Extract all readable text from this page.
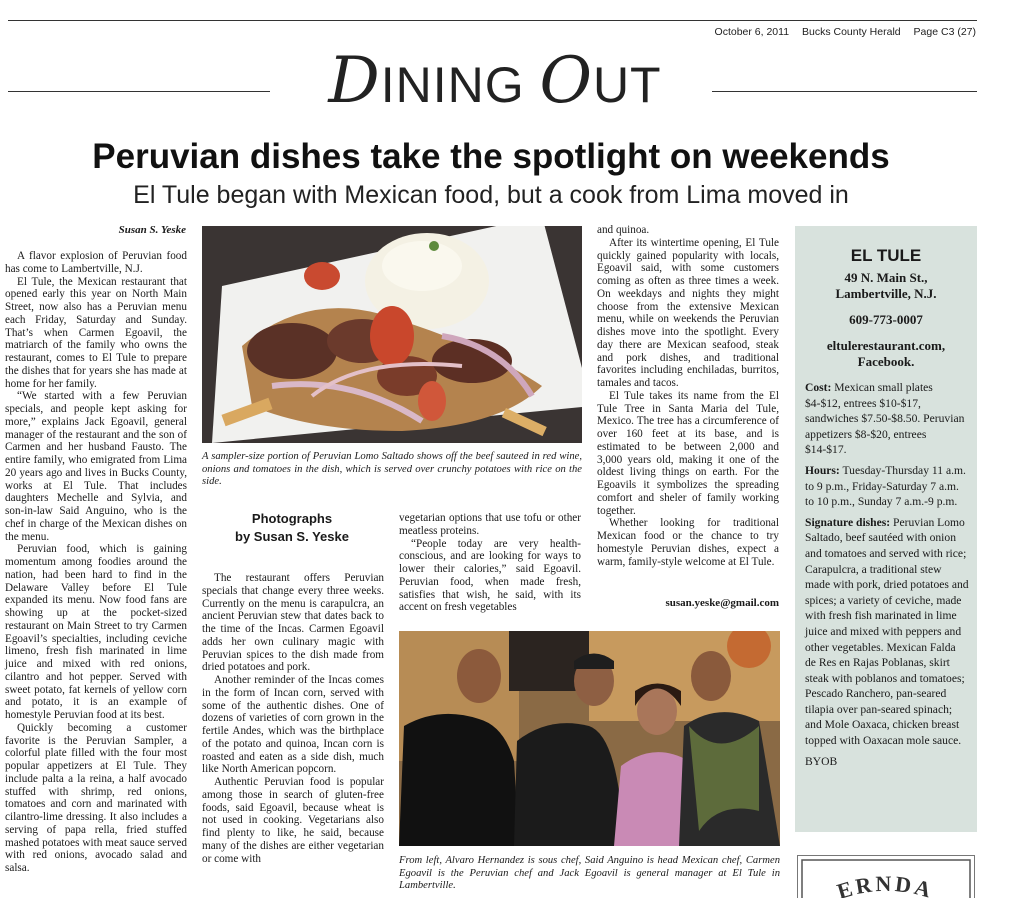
October 6, 2011 Bucks County Herald Page C3 (27)
DINING OUT
Peruvian dishes take the spotlight on weekends
El Tule began with Mexican food, but a cook from Lima moved in
Susan S. Yeske

A flavor explosion of Peruvian food has come to Lambertville, N.J.

El Tule, the Mexican restaurant that opened early this year on North Main Street, now also has a Peruvian menu each Friday, Saturday and Sunday. That’s when Carmen Egoavil, the matriarch of the family who owns the restaurant, comes to El Tule to prepare the dishes that for years she has made at home for her family.

“We started with a few Peruvian specials, and people kept asking for more,” explains Jack Egoavil, general manager of the restaurant and the son of Carmen and her husband Fausto. The entire family, who emigrated from Lima 20 years ago and lives in Bucks County, works at El Tule. That includes daughters Mechelle and Sylvia, and son-in-law Said Anguino, who is the chef in charge of the Mexican dishes on the menu.

Peruvian food, which is gaining momentum among foodies around the nation, had been hard to find in the Delaware Valley before El Tule expanded its menu. Now food fans are showing up at the pocket-sized restaurant on Main Street to try Carmen Egoavil’s specialties, including ceviche limeno, fresh fish marinated in lime juice and mixed with red onions, cilantro and hot pepper. Served with sweet potato, fat kernels of yellow corn and potato, it is an example of homestyle Peruvian food at its best.

Quickly becoming a customer favorite is the Peruvian Sampler, a colorful plate filled with the four most popular appetizers at El Tule. They include palta a la reina, a half avocado stuffed with shrimp, red onions, tomatoes and corn and marinated with cilantro-lime dressing. It also includes a serving of papa rella, fried stuffed mashed potatoes with meat sauce served with red onions, avocado salad and salsa.

A sampler-size portion of Peruvian Lomo Saltado shows off the beef sauteed in red wine, onions and tomatoes in the dish, which is served over crunchy potatoes with rice on the side.
Photographs
by Susan S. Yeske

The restaurant offers Peruvian specials that change every three weeks. Currently on the menu is carapulcra, an ancient Peruvian stew that dates back to the time of the Incas. Carmen Egoavil adds her own culinary magic with Peruvian spices to the dish made from dried potatoes and pork.

Another reminder of the Incas comes in the form of Incan corn, served with some of the authentic dishes. One of dozens of varieties of corn grown in the fertile Andes, which was the birthplace of the potato and quinoa, Incan corn is roasted and eaten as a side dish, much like North American popcorn.

Authentic Peruvian food is popular among those in search of gluten-free foods, said Egoavil, because wheat is not used in cooking. Vegetarians also find plenty to like, he said, because many of the dishes are either vegetarian or come with

vegetarian options that use tofu or other meatless proteins.

“People today are very health-conscious, and are looking for ways to lower their calories,” said Egoavil. Peruvian food, when made fresh, satisfies that wish, he said, with its accent on fresh vegetables

and quinoa.

After its wintertime opening, El Tule quickly gained popularity with locals, Egoavil said, with some customers coming as often as three times a week. On weekdays and nights they might choose from the extensive Mexican menu, while on weekends the Peruvian dishes move into the spotlight. Every day there are Mexican seafood, steak and pork dishes, and traditional favorites including enchiladas, burritos, tamales and tacos.

El Tule takes its name from the El Tule Tree in Santa Maria del Tule, Mexico. The tree has a circumference of over 160 feet at its base, and is estimated to be between 2,000 and 3,000 years old, making it one of the oldest living things on earth. For the Egoavils it symbolizes the spreading comfort and sheler of family working together.

Whether looking for traditional Mexican food or the chance to try homestyle Peruvian dishes, expect a warm, family-style welcome at El Tule.

susan.yeske@gmail.com
From left, Alvaro Hernandez is sous chef, Said Anguino is head Mexican chef, Carmen Egoavil is the Peruvian chef and Jack Egoavil is general manager at El Tule in Lambertville.
EL TULE
49 N. Main St.,
Lambertville, N.J.
609-773-0007
eltulerestaurant.com,
Facebook.

Cost: Mexican small plates $4-$12, entrees $10-$17, sandwiches $7.50-$8.50. Peruvian appetizers $8-$20, entrees $14-$17.

Hours: Tuesday-Thursday 11 a.m. to 9 p.m., Friday-Saturday 7 a.m. to 10 p.m., Sunday 7 a.m.-9 p.m.

Signature dishes: Peruvian Lomo Saltado, beef sautéed with onion and tomatoes and served with rice; Carapulcra, a traditional stew made with pork, dried potatoes and spices; a variety of ceviche, made with fresh fish marinated in lime juice and mixed with peppers and other vegetables. Mexican Falda de Res en Rajas Poblanas, skirt steak with poblanos and tomatoes; Pescado Ranchero, pan-seared tilapia over pan-seared spinach; and Mole Oaxaca, chicken breast topped with Oaxacan mole sauce.

BYOB

ERNDA
